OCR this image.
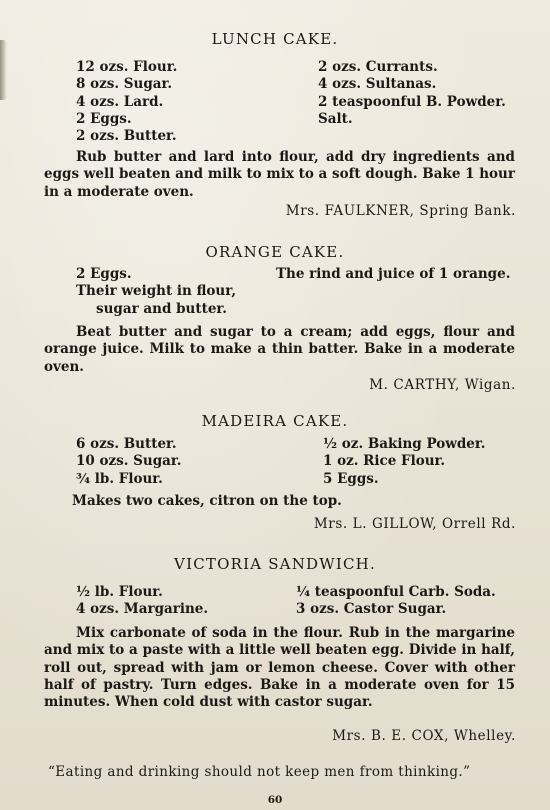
LUNCH CAKE.
12 ozs. Flour.
8 ozs. Sugar.
4 ozs. Lard.
2 Eggs.
2 ozs. Butter.
2 ozs. Currants.
4 ozs. Sultanas.
2 teaspoonful B. Powder.
Salt.
Rub butter and lard into flour, add dry ingredients and eggs well beaten and milk to mix to a soft dough. Bake 1 hour in a moderate oven.
Mrs. FAULKNER, Spring Bank.
ORANGE CAKE.
2 Eggs.
Their weight in flour,
sugar and butter.
The rind and juice of 1 orange.
Beat butter and sugar to a cream; add eggs, flour and orange juice. Milk to make a thin batter. Bake in a moderate oven.
M. CARTHY, Wigan.
MADEIRA CAKE.
6 ozs. Butter.
10 ozs. Sugar.
¾ lb. Flour.
½ oz. Baking Powder.
1 oz. Rice Flour.
5 Eggs.
Makes two cakes, citron on the top.
Mrs. L. GILLOW, Orrell Rd.
VICTORIA SANDWICH.
½ lb. Flour.
4 ozs. Margarine.
¼ teaspoonful Carb. Soda.
3 ozs. Castor Sugar.
Mix carbonate of soda in the flour. Rub in the margarine and mix to a paste with a little well beaten egg. Divide in half, roll out, spread with jam or lemon cheese. Cover with other half of pastry. Turn edges. Bake in a moderate oven for 15 minutes. When cold dust with castor sugar.
Mrs. B. E. COX, Whelley.
“Eating and drinking should not keep men from thinking.”
60
